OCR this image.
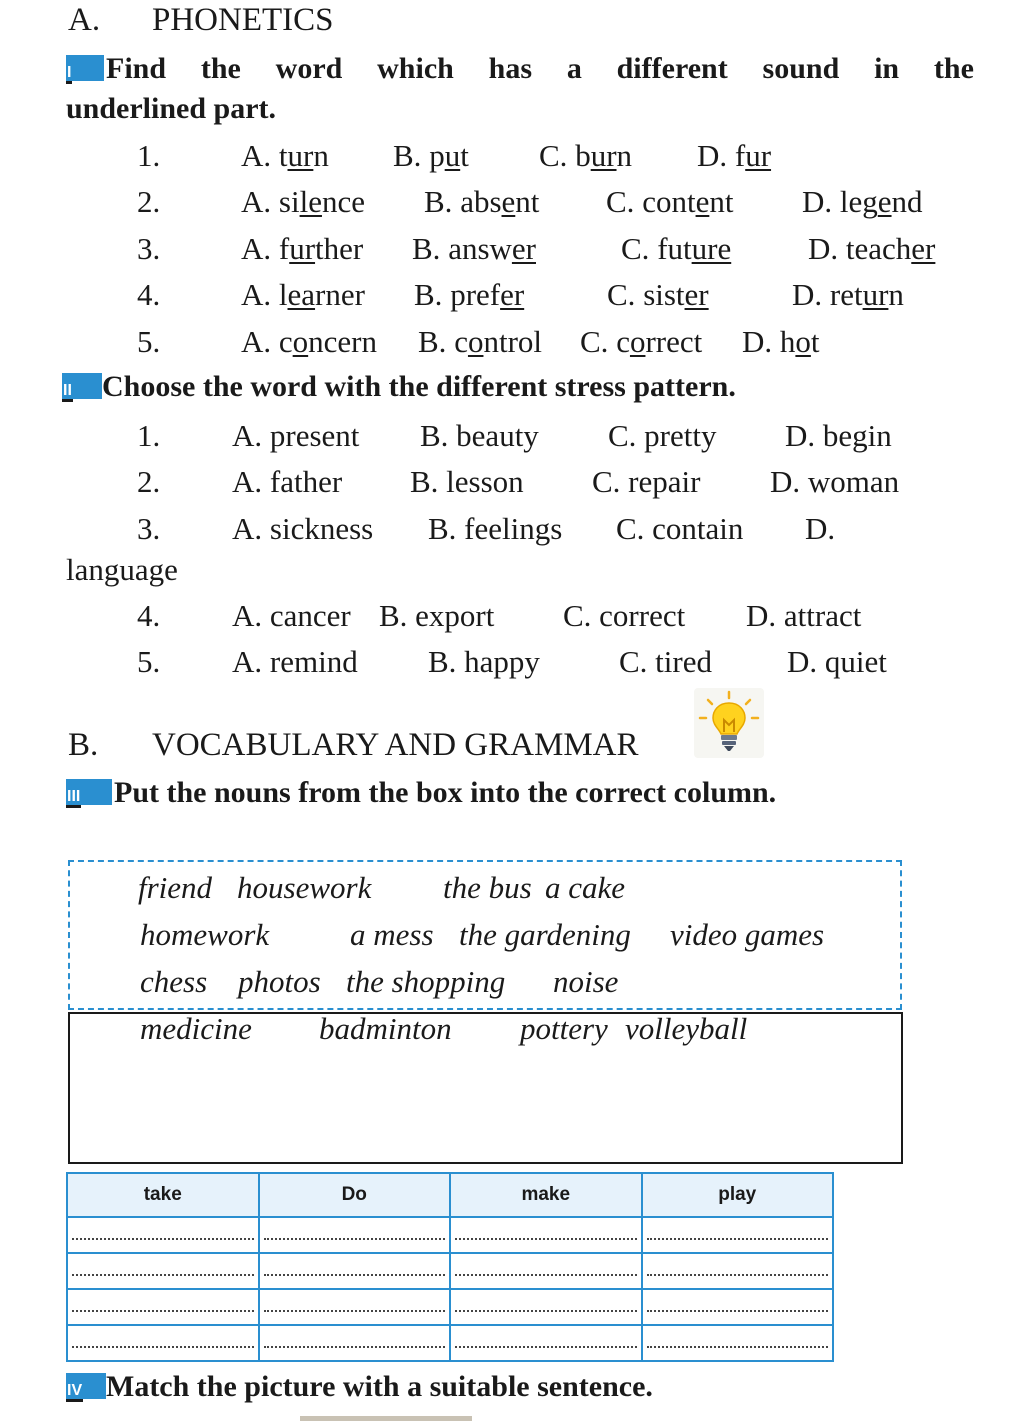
A. PHONETICS
I Find the word which has a different sound in the
underlined part.
1.	A. turn B. put C. burn D. fur
2.	A. silence B. absent C. content D. legend
3.	A. further B. answer	C. future D. teacher
4.	A. learner B. prefer	C. sister	D. return
5.	A. concern B. control C. correct D. hot
II Choose the word with the different stress pattern.
1. A. present B. beauty C. pretty D. begin
2. A. father B. lesson C. repair D. woman
3. A. sickness B. feelings C. contain D.
language
4. A. cancer B. export C. correct D. attract
5. A. remind B. happy	C. tired D. quiet
B. VOCABULARY AND GRAMMAR
III Put the nouns from the box into the correct column.
friend housework the bus a cake
homework	a mess the gardening video games
chess photos the shopping noise
medicine badminton pottery volleyball
take	Do	make	play

IV Match the picture with a suitable sentence.
